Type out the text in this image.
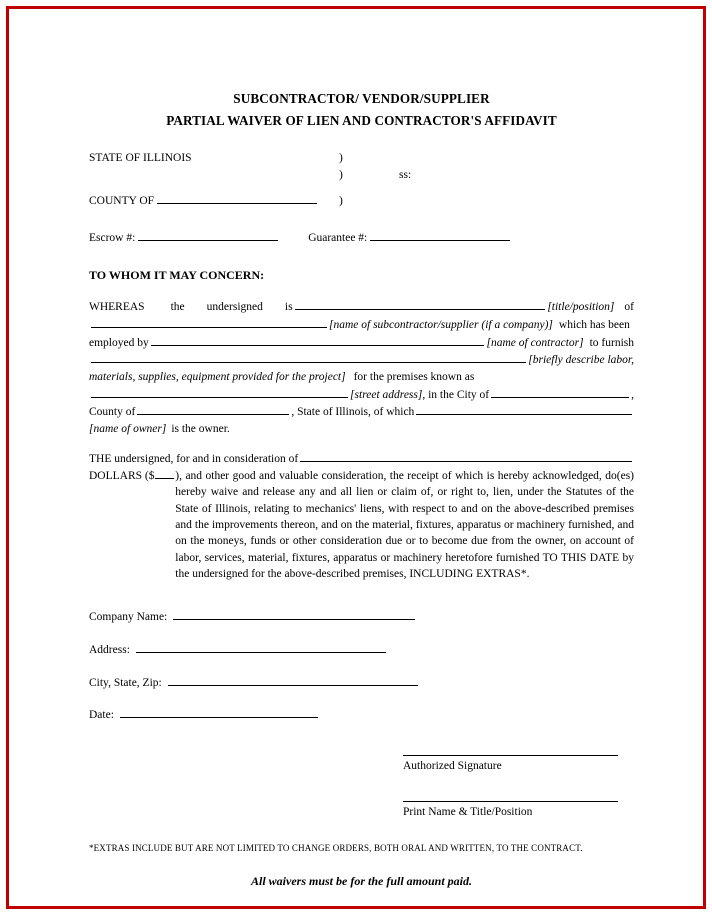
SUBCONTRACTOR/ VENDOR/SUPPLIER
PARTIAL WAIVER OF LIEN AND CONTRACTOR'S AFFIDAVIT
STATE OF ILLINOIS	)

)	ss:
COUNTY OF	)
Escrow #:	Guarantee #:
TO WHOM IT MAY CONCERN:
WHEREAS the undersigned is	[title/position] of
[name of subcontractor/supplier (if a company)] which has been
employed by	[name of contractor] to furnish
[briefly describe labor,
materials, supplies, equipment provided for the project] for the premises known as
[street address] , in the City of	,
County of	, State of Illinois, of which
[name of owner] is the owner.
THE undersigned, for and in consideration of
DOLLARS ($ ), and other good and valuable consideration, the receipt of which is hereby acknowledged, do(es) hereby waive and release any and all lien or claim of, or right to, lien, under the Statutes of the State of Illinois, relating to mechanics' liens, with respect to and on the above-described premises and the improvements thereon, and on the material, fixtures, apparatus or machinery furnished, and on the moneys, funds or other consideration due or to become due from the owner, on account of labor, services, material, fixtures, apparatus or machinery heretofore furnished TO THIS DATE by the undersigned for the above-described premises, INCLUDING EXTRAS*.
Company Name:
Address:
City, State, Zip:
Date:
Authorized Signature
Print Name & Title/Position
*EXTRAS INCLUDE BUT ARE NOT LIMITED TO CHANGE ORDERS, BOTH ORAL AND WRITTEN, TO THE CONTRACT.
All waivers must be for the full amount paid.
